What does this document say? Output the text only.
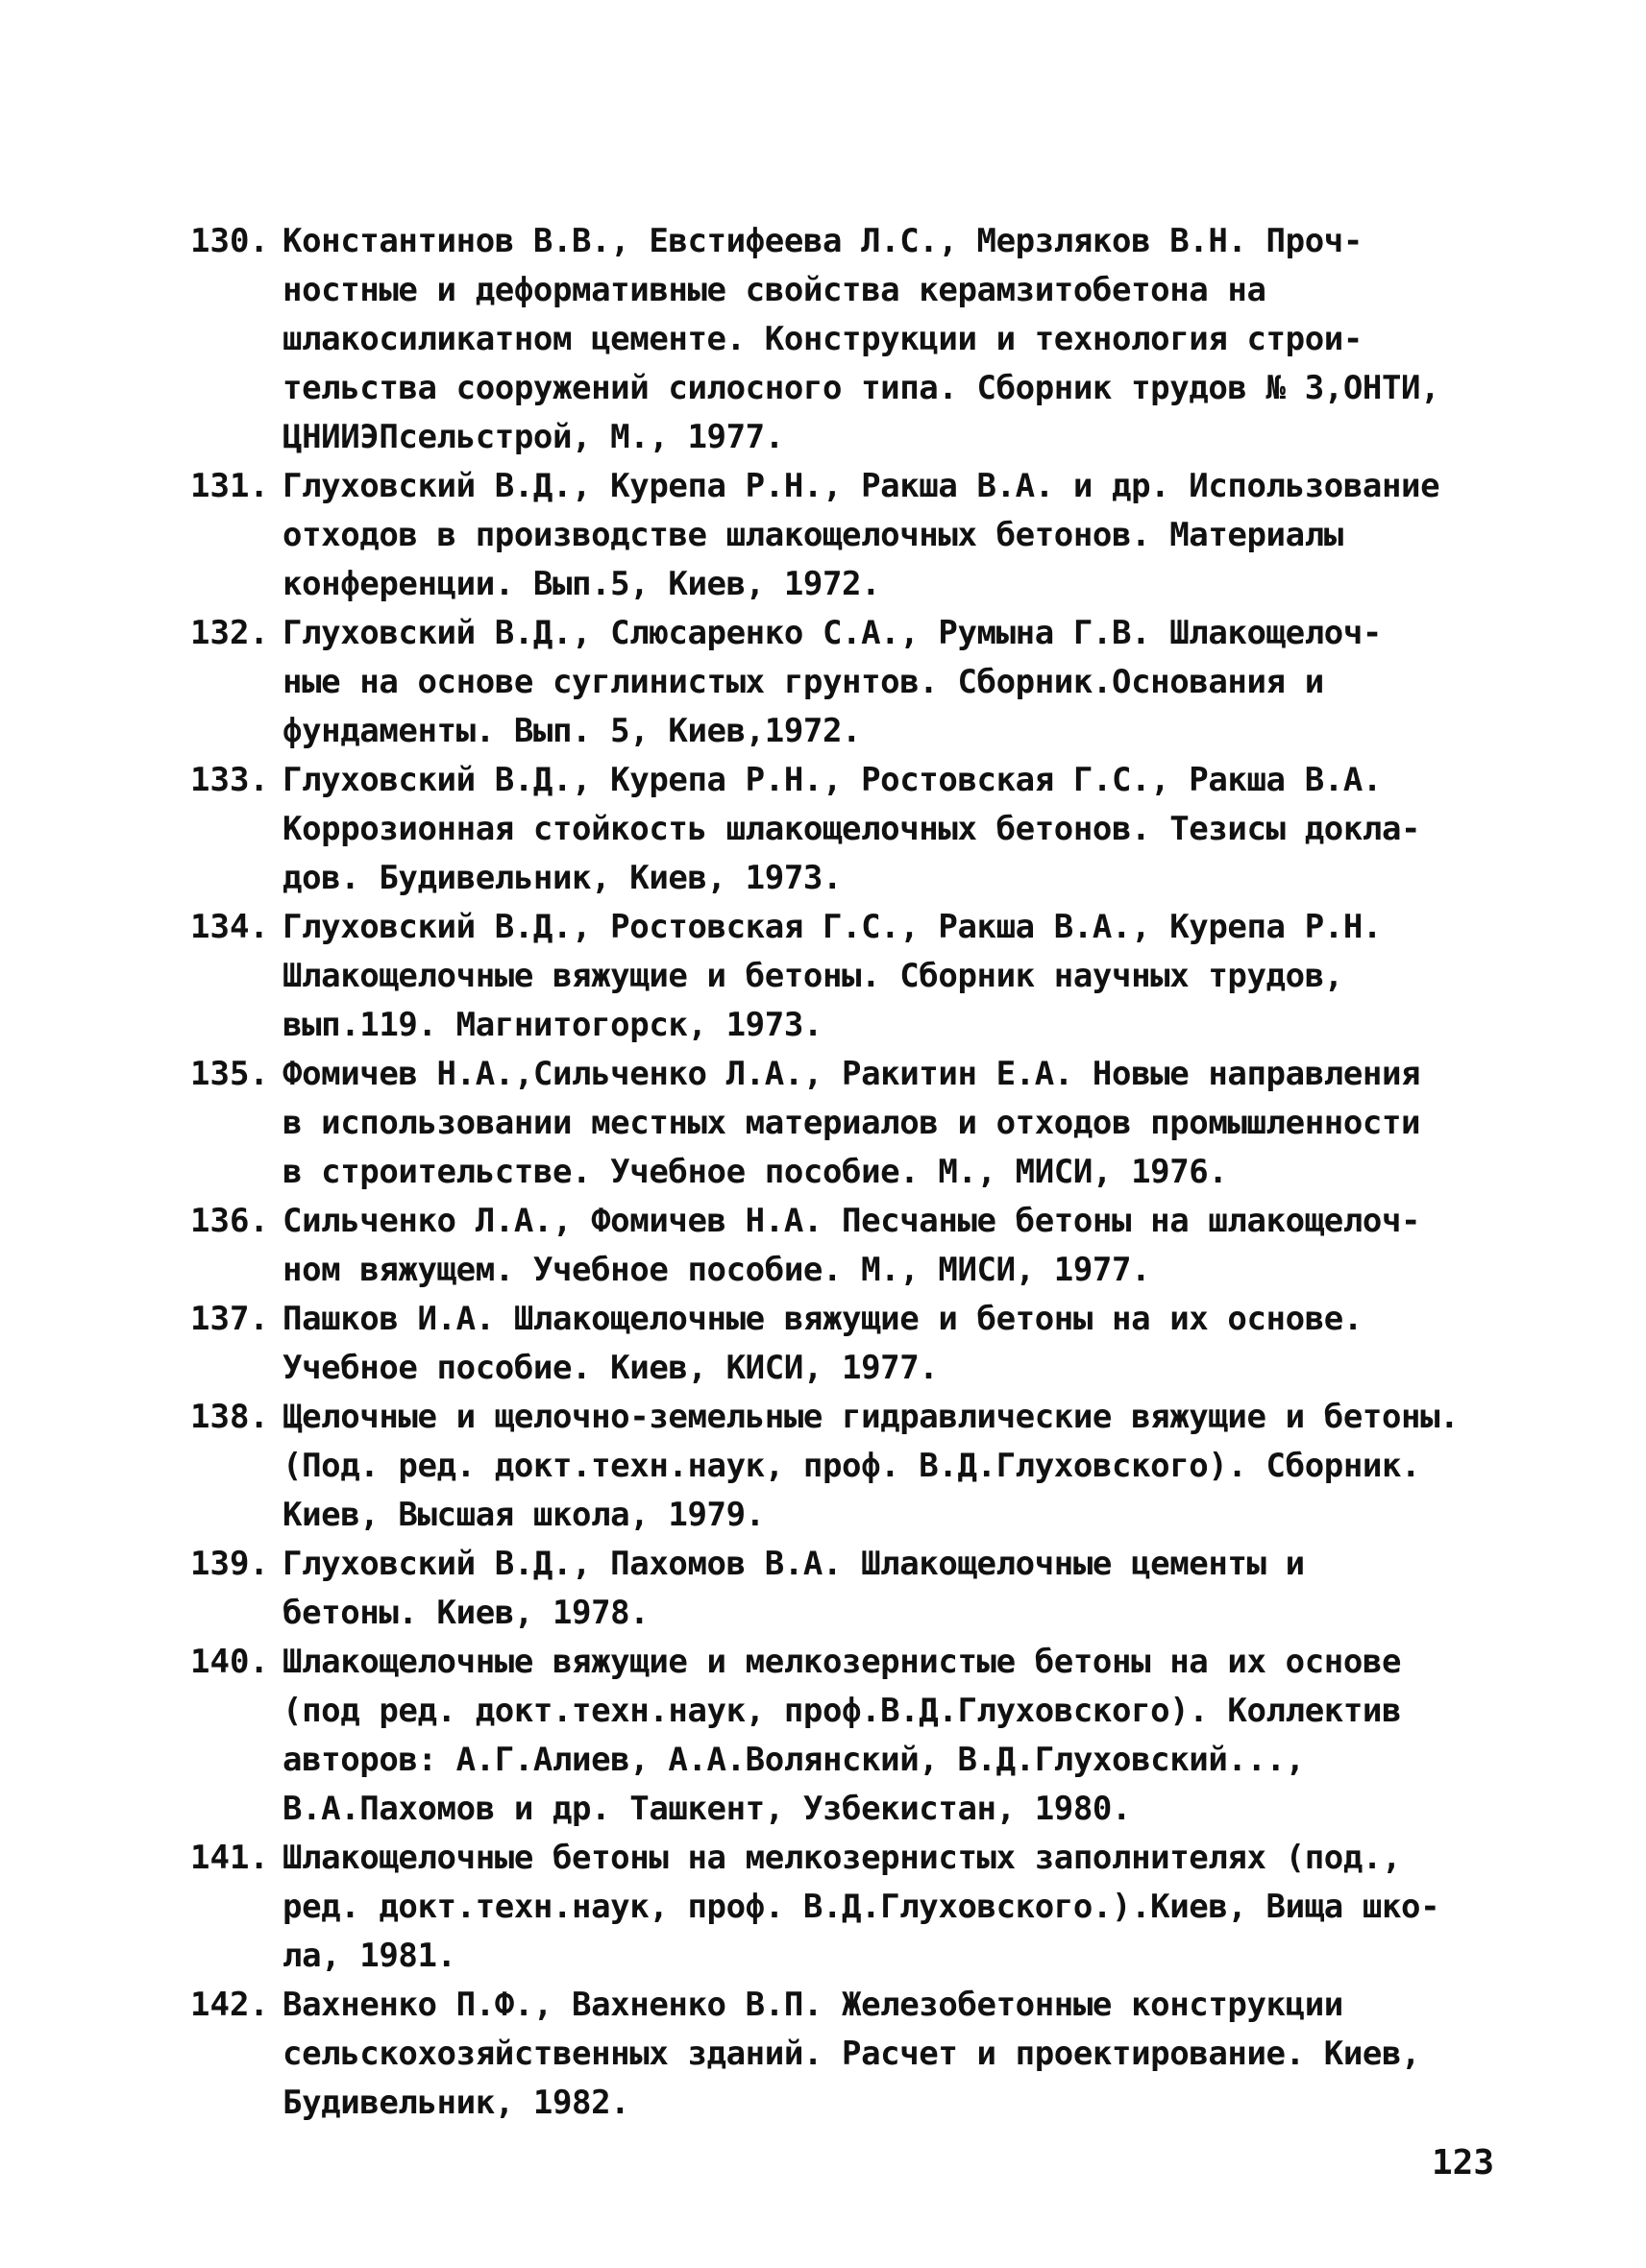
130. Константинов В.В., Евстифеева Л.С., Мерзляков В.Н. Проч-
ностные и деформативные свойства керамзитобетона на
шлакосиликатном цементе. Конструкции и технология строи-
тельства сооружений силосного типа. Сборник трудов № 3,ОНТИ,
ЦНИИЭПсельстрой, М., 1977.
131. Глуховский В.Д., Курепа Р.Н., Ракша В.А. и др. Использование
отходов в производстве шлакощелочных бетонов. Материалы
конференции. Вып.5, Киев, 1972.
132. Глуховский В.Д., Слюсаренко С.А., Румына Г.В. Шлакощелоч-
ные на основе суглинистых грунтов. Сборник.Основания и
фундаменты. Вып. 5, Киев,1972.
133. Глуховский В.Д., Курепа Р.Н., Ростовская Г.С., Ракша В.А.
Коррозионная стойкость шлакощелочных бетонов. Тезисы докла-
дов. Будивельник, Киев, 1973.
134. Глуховский В.Д., Ростовская Г.С., Ракша В.А., Курепа Р.Н.
Шлакощелочные вяжущие и бетоны. Сборник научных трудов,
вып.119. Магнитогорск, 1973.
135. Фомичев Н.А.,Сильченко Л.А., Ракитин Е.А. Новые направления
в использовании местных материалов и отходов промышленности
в строительстве. Учебное пособие. М., МИСИ, 1976.
136. Сильченко Л.А., Фомичев Н.А. Песчаные бетоны на шлакощелоч-
ном вяжущем. Учебное пособие. М., МИСИ, 1977.
137. Пашков И.А. Шлакощелочные вяжущие и бетоны на их основе.
Учебное пособие. Киев, КИСИ, 1977.
138. Щелочные и щелочно-земельные гидравлические вяжущие и бетоны.
(Под. ред. докт.техн.наук, проф. В.Д.Глуховского). Сборник.
Киев, Высшая школа, 1979.
139. Глуховский В.Д., Пахомов В.А. Шлакощелочные цементы и
бетоны. Киев, 1978.
140. Шлакощелочные вяжущие и мелкозернистые бетоны на их основе
(под ред. докт.техн.наук, проф.В.Д.Глуховского). Коллектив
авторов: А.Г.Алиев, А.А.Волянский, В.Д.Глуховский...,
В.А.Пахомов и др. Ташкент, Узбекистан, 1980.
141. Шлакощелочные бетоны на мелкозернистых заполнителях (под.,
ред. докт.техн.наук, проф. В.Д.Глуховского.).Киев, Вища шко-
ла, 1981.
142. Вахненко П.Ф., Вахненко В.П. Железобетонные конструкции
сельскохозяйственных зданий. Расчет и проектирование. Киев,
Будивельник, 1982.
123
